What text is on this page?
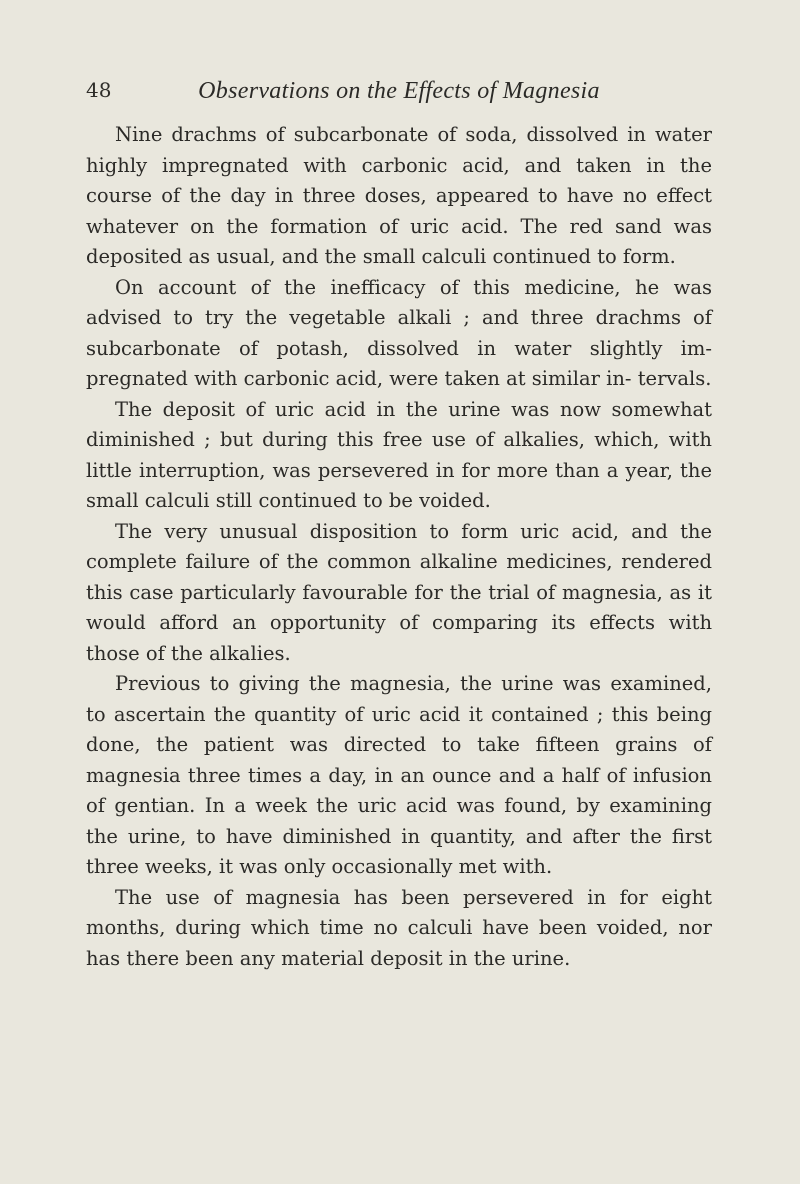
48	Observations on the Effects of Magnesia

Nine drachms of subcarbonate of soda, dissolved in water highly impregnated with carbonic acid, and taken in the course of the day in three doses, appeared to have no effect whatever on the formation of uric acid. The red sand was deposited as usual, and the small calculi continued to form.

On account of the inefficacy of this medicine, he was advised to try the vegetable alkali ; and three drachms of subcarbonate of potash, dissolved in water slightly im- pregnated with carbonic acid, were taken at similar in- tervals.

The deposit of uric acid in the urine was now somewhat diminished ; but during this free use of alkalies, which, with little interruption, was persevered in for more than a year, the small calculi still continued to be voided.

The very unusual disposition to form uric acid, and the complete failure of the common alkaline medicines, rendered this case particularly favourable for the trial of magnesia, as it would afford an opportunity of comparing its effects with those of the alkalies.

Previous to giving the magnesia, the urine was examined, to ascertain the quantity of uric acid it contained ; this being done, the patient was directed to take fifteen grains of magnesia three times a day, in an ounce and a half of infusion of gentian. In a week the uric acid was found, by examining the urine, to have diminished in quantity, and after the first three weeks, it was only occasionally met with.

The use of magnesia has been persevered in for eight months, during which time no calculi have been voided, nor has there been any material deposit in the urine.
